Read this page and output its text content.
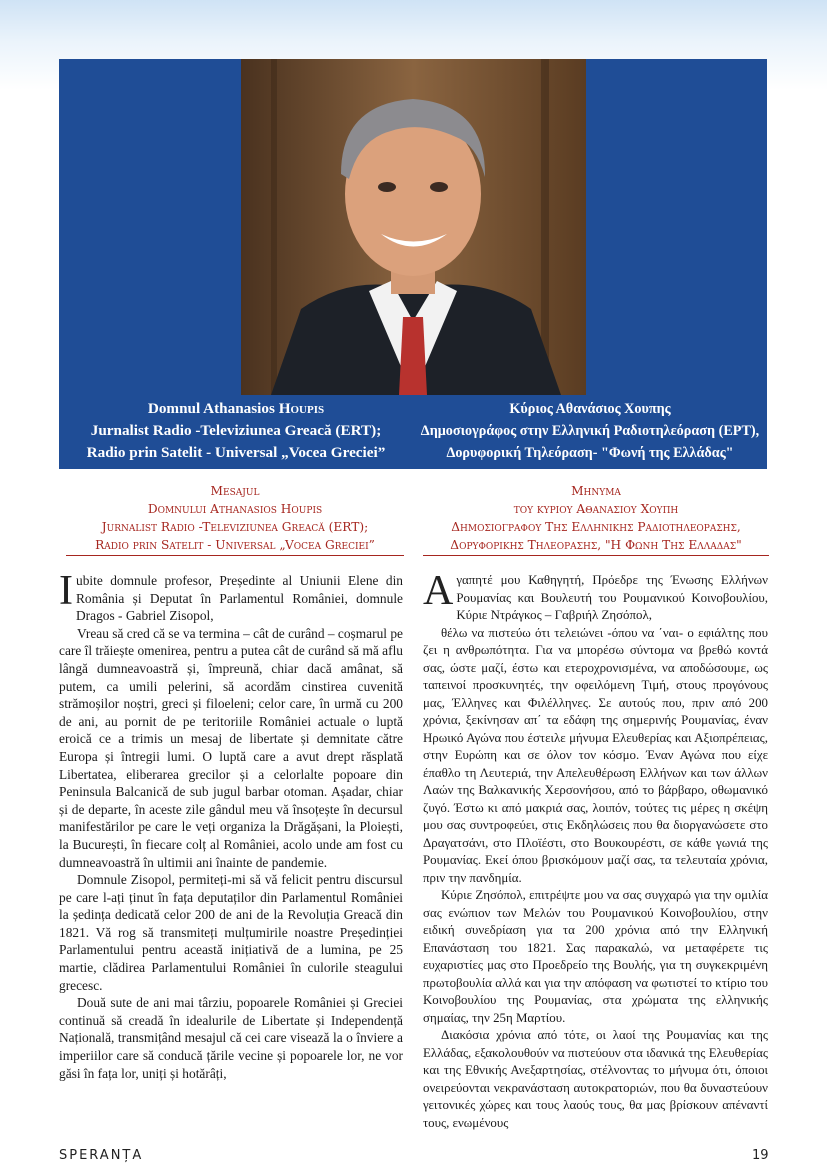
Domnul Athanasios Houpis
Jurnalist Radio -Televiziunea Greacă (ERT);
Radio prin Satelit - Universal „Vocea Greciei”
Κύριος Αθανάσιος Χουπης
Δημοσιογράφος στην Ελληνική Ραδιοτηλεόραση (ΕΡΤ),
Δορυφορική Τηλεόραση- "Φωνή της Ελλάδας"
Mesajul
Domnului Athanasios Houpis
Jurnalist Radio -Televiziunea Greacă (ERT);
Radio prin Satelit - Universal „Vocea Greciei”
Μηνυμα
του κυριου Αθανασιου Χουπη
Δημοσιογραφου Της Ελληνικης Ραδιοτηλεορασης,
Δορυφορικης Τηλεορασης, "Η Φωνη Της Ελλαδας"

Iubite domnule profesor, Președinte al Uniunii Elene din România și Deputat în Parlamentul României, domnule Dragos - Gabriel Zisopol,

Vreau să cred că se va termina – cât de curând – coșmarul pe care îl trăiește omenirea, pentru a putea cât de curând să mă aflu lângă dumneavoastră și, împreună, chiar dacă amânat, să putem, ca umili pelerini, să acordăm cinstirea cuvenită strămoșilor noștri, greci și filoeleni; celor care, în urmă cu 200 de ani, au pornit de pe teritoriile României actuale o luptă eroică ce a trimis un mesaj de libertate și demnitate către Europa și întregii lumi. O luptă care a avut drept răsplată Libertatea, eliberarea grecilor și a celorlalte popoare din Peninsula Balcanică de sub jugul barbar otoman. Așadar, chiar și de departe, în aceste zile gândul meu vă însoțește în decursul manifestărilor pe care le veți organiza la Drăgășani, la Ploiești, la București, în fiecare colț al României, acolo unde am fost cu dumneavoastră în ultimii ani înainte de pandemie.

Domnule Zisopol, permiteți-mi să vă felicit pentru discursul pe care l-ați ținut în fața deputaților din Parlamentul României la ședința dedicată celor 200 de ani de la Revoluția Greacă din 1821. Vă rog să transmiteți mulțumirile noastre Președinției Parlamentului pentru această inițiativă de a lumina, pe 25 martie, clădirea Parlamentului României în culorile steagului grecesc.

Două sute de ani mai târziu, popoarele României și Greciei continuă să creadă în idealurile de Libertate și Independență Națională, transmițând mesajul că cei care visează la o înviere a imperiilor care să conducă țările vecine și popoarele lor, ne vor găsi în fața lor, uniți și hotărâți,

Αγαπητέ μου Καθηγητή, Πρόεδρε της Ένωσης Ελλήνων Ρουμανίας και Βουλευτή του Ρουμανικού Κοινοβουλίου, Κύριε Ντράγκος – Γαβριήλ Ζησόπολ,

θέλω να πιστεύω ότι τελειώνει -όπου να ΄ναι- ο εφιάλτης που ζει η ανθρωπότητα. Για να μπορέσω σύντομα να βρεθώ κοντά σας, ώστε μαζί, έστω και ετεροχρονισμένα, να αποδώσουμε, ως ταπεινοί προσκυνητές, την οφειλόμενη Τιμή, στους προγόνους μας, Έλληνες και Φιλέλληνες. Σε αυτούς που, πριν από 200 χρόνια, ξεκίνησαν απ΄ τα εδάφη της σημερινής Ρουμανίας, έναν Ηρωικό Αγώνα που έστειλε μήνυμα Ελευθερίας και Αξιοπρέπειας, στην Ευρώπη και σε όλον τον κόσμο. Έναν Αγώνα που είχε έπαθλο τη Λευτεριά, την Απελευθέρωση Ελλήνων και των άλλων Λαών της Βαλκανικής Χερσονήσου, από το βάρβαρο, οθωμανικό ζυγό. Έστω κι από μακριά σας, λοιπόν, τούτες τις μέρες η σκέψη μου σας συντροφεύει, στις Εκδηλώσεις που θα διοργανώσετε στο Δραγατσάνι, στο Πλοϊέστι, στο Βουκουρέστι, σε κάθε γωνιά της Ρουμανίας. Εκεί όπου βρισκόμουν μαζί σας, τα τελευταία χρόνια, πριν την πανδημία.

Κύριε Ζησόπολ, επιτρέψτε μου να σας συγχαρώ για την ομιλία σας ενώπιον των Μελών του Ρουμανικού Κοινοβουλίου, στην ειδική συνεδρίαση για τα 200 χρόνια από την Ελληνική Επανάσταση του 1821. Σας παρακαλώ, να μεταφέρετε τις ευχαριστίες μας στο Προεδρείο της Βουλής, για τη συγκεκριμένη πρωτοβουλία αλλά και για την απόφαση να φωτιστεί το κτίριο του Κοινοβουλίου της Ρουμανίας, στα χρώματα της ελληνικής σημαίας, την 25η Μαρτίου.

Διακόσια χρόνια από τότε, οι λαοί της Ρουμανίας και της Ελλάδας, εξακολουθούν να πιστεύουν στα ιδανικά της Ελευθερίας και της Εθνικής Ανεξαρτησίας, στέλνοντας το μήνυμα ότι, όποιοι ονειρεύονται νεκρανάσταση αυτοκρατοριών, που θα δυναστεύουν γειτονικές χώρες και τους λαούς τους, θα μας βρίσκουν απέναντί τους, ενωμένους

SPERANȚA	19
